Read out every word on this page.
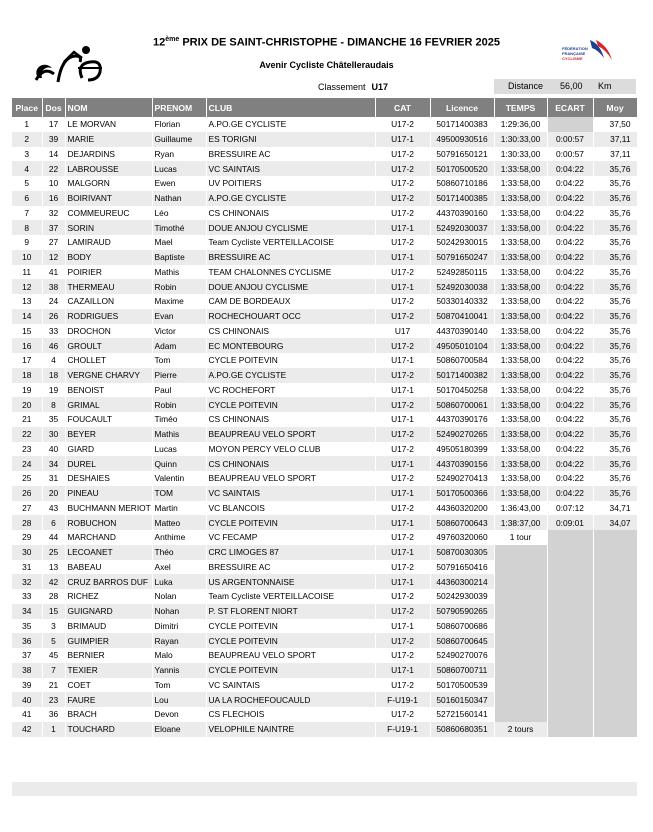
FÉDÉRATION
FRANÇAISE
CYCLISME
12ème PRIX DE SAINT-CHRISTOPHE - DIMANCHE 16 FEVRIER 2025
Avenir Cycliste Châtelleraudais
Classement U17	Distance 56,00 Km
Place	Dos	NOM	PRENOM	CLUB	CAT	Licence	TEMPS	ECART	Moy
1	17	LE MORVAN	Florian	A.PO.GE CYCLISTE	U17-2	50171400383	1:29:36,00		37,50
2	39	MARIE	Guillaume	ES TORIGNI	U17-1	49500930516	1:30:33,00	0:00:57	37,11
3	14	DEJARDINS	Ryan	BRESSUIRE AC	U17-2	50791650121	1:30:33,00	0:00:57	37,11
4	22	LABROUSSE	Lucas	VC SAINTAIS	U17-2	50170500520	1:33:58,00	0:04:22	35,76
5	10	MALGORN	Ewen	UV POITIERS	U17-2	50860710186	1:33:58,00	0:04:22	35,76
6	16	BOIRIVANT	Nathan	A.PO.GE CYCLISTE	U17-2	50171400385	1:33:58,00	0:04:22	35,76
7	32	COMMEUREUC	Léo	CS CHINONAIS	U17-2	44370390160	1:33:58,00	0:04:22	35,76
8	37	SORIN	Timothé	DOUE ANJOU CYCLISME	U17-1	52492030037	1:33:58,00	0:04:22	35,76
9	27	LAMIRAUD	Mael	Team Cycliste VERTEILLACOISE	U17-2	50242930015	1:33:58,00	0:04:22	35,76
10	12	BODY	Baptiste	BRESSUIRE AC	U17-1	50791650247	1:33:58,00	0:04:22	35,76
11	41	POIRIER	Mathis	TEAM CHALONNES CYCLISME	U17-2	52492850115	1:33:58,00	0:04:22	35,76
12	38	THERMEAU	Robin	DOUE ANJOU CYCLISME	U17-1	52492030038	1:33:58,00	0:04:22	35,76
13	24	CAZAILLON	Maxime	CAM DE BORDEAUX	U17-2	50330140332	1:33:58,00	0:04:22	35,76
14	26	RODRIGUES	Evan	ROCHECHOUART OCC	U17-2	50870410041	1:33:58,00	0:04:22	35,76
15	33	DROCHON	Victor	CS CHINONAIS	U17	44370390140	1:33:58,00	0:04:22	35,76
16	46	GROULT	Adam	EC MONTEBOURG	U17-2	49505010104	1:33:58,00	0:04:22	35,76
17	4	CHOLLET	Tom	CYCLE POITEVIN	U17-1	50860700584	1:33:58,00	0:04:22	35,76
18	18	VERGNE CHARVY	Pierre	A.PO.GE CYCLISTE	U17-2	50171400382	1:33:58,00	0:04:22	35,76
19	19	BENOIST	Paul	VC ROCHEFORT	U17-1	50170450258	1:33:58,00	0:04:22	35,76
20	8	GRIMAL	Robin	CYCLE POITEVIN	U17-2	50860700061	1:33:58,00	0:04:22	35,76
21	35	FOUCAULT	Timéo	CS CHINONAIS	U17-1	44370390176	1:33:58,00	0:04:22	35,76
22	30	BEYER	Mathis	BEAUPREAU VELO SPORT	U17-2	52490270265	1:33:58,00	0:04:22	35,76
23	40	GIARD	Lucas	MOYON PERCY VELO CLUB	U17-2	49505180399	1:33:58,00	0:04:22	35,76
24	34	DUREL	Quinn	CS CHINONAIS	U17-1	44370390156	1:33:58,00	0:04:22	35,76
25	31	DESHAIES	Valentin	BEAUPREAU VELO SPORT	U17-2	52490270413	1:33:58,00	0:04:22	35,76
26	20	PINEAU	TOM	VC SAINTAIS	U17-1	50170500366	1:33:58,00	0:04:22	35,76
27	43	BUCHMANN MERIOT	Martin	VC BLANCOIS	U17-2	44360320200	1:36:43,00	0:07:12	34,71
28	6	ROBUCHON	Matteo	CYCLE POITEVIN	U17-1	50860700643	1:38:37,00	0:09:01	34,07
29	44	MARCHAND	Anthime	VC FECAMP	U17-2	49760320060	1 tour		
30	25	LECOANET	Théo	CRC LIMOGES 87	U17-1	50870030305			
31	13	BABEAU	Axel	BRESSUIRE AC	U17-2	50791650416			
32	42	CRUZ BARROS DUF	Luka	US ARGENTONNAISE	U17-1	44360300214			
33	28	RICHEZ	Nolan	Team Cycliste VERTEILLACOISE	U17-2	50242930039			
34	15	GUIGNARD	Nohan	P. ST FLORENT NIORT	U17-2	50790590265			
35	3	BRIMAUD	Dimitri	CYCLE POITEVIN	U17-1	50860700686			
36	5	GUIMPIER	Rayan	CYCLE POITEVIN	U17-2	50860700645			
37	45	BERNIER	Malo	BEAUPREAU VELO SPORT	U17-2	52490270076			
38	7	TEXIER	Yannis	CYCLE POITEVIN	U17-1	50860700711			
39	21	COET	Tom	VC SAINTAIS	U17-2	50170500539			
40	23	FAURE	Lou	UA LA ROCHEFOUCAULD	F-U19-1	50160150347			
41	36	BRACH	Devon	CS FLECHOIS	U17-2	52721560141			
42	1	TOUCHARD	Eloane	VELOPHILE NAINTRE	F-U19-1	50860680351	2 tours		
